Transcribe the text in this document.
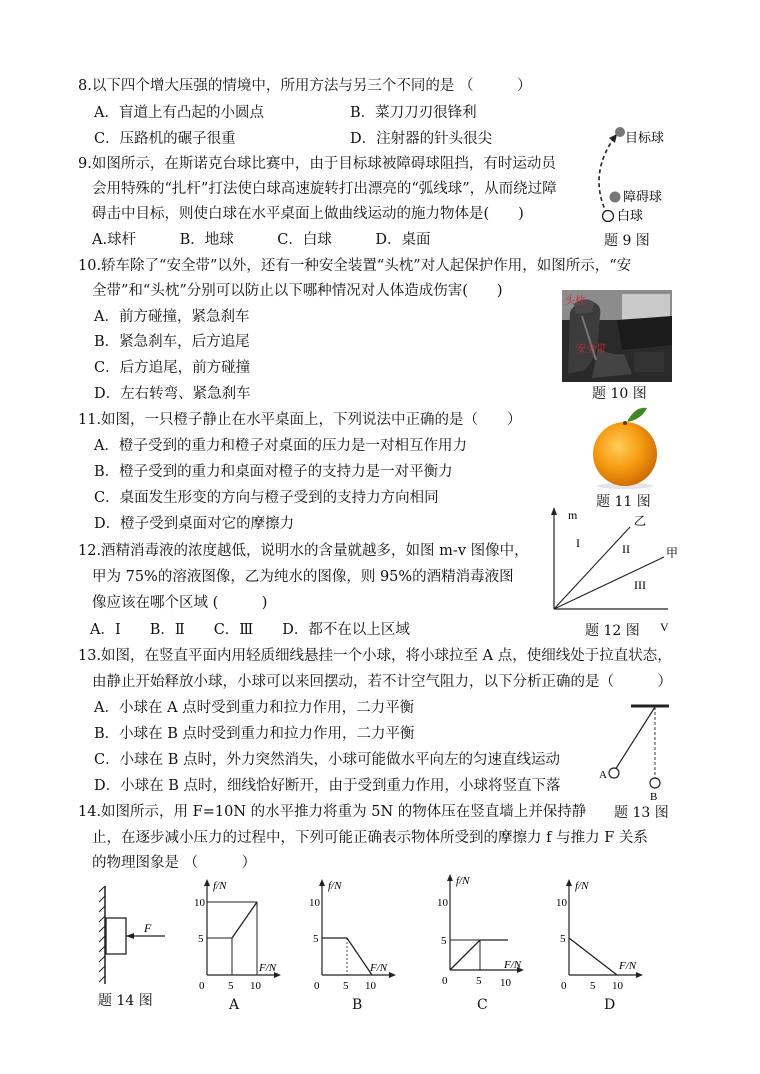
8.以下四个增大压强的情境中，所用方法与另三个不同的是 （　　　）
A．盲道上有凸起的小圆点	B．菜刀刀刃很锋利
C．压路机的碾子很重	D．注射器的针头很尖	目标球
障碍球
白球
9.如图所示，在斯诺克台球比赛中，由于目标球被障碍球阻挡，有时运动员
会用特殊的“扎杆”打法使白球高速旋转打出漂亮的“弧线球”，从而绕过障
碍击中目标，则使白球在水平桌面上做曲线运动的施力物体是(　　)
A.球杆　　　B．地球　　　C．白球　　　D．桌面	题 9 图
10.轿车除了“安全带”以外，还有一种安全装置“头枕”对人起保护作用，如图所示，“安
全带”和“头枕”分别可以防止以下哪种情况对人体造成伤害(　　)
A．前方碰撞，紧急刹车
B．紧急刹车，后方追尾
C．后方追尾，前方碰撞
D．左右转弯、紧急刹车
头枕
安全带
题 10 图
11.如图，一只橙子静止在水平桌面上，下列说法中正确的是（　　）
A．橙子受到的重力和橙子对桌面的压力是一对相互作用力
B．橙子受到的重力和桌面对橙子的支持力是一对平衡力
C．桌面发生形变的方向与橙子受到的支持力方向相同
D．橙子受到桌面对它的摩擦力
题 11 图
m
V
乙
甲
I	II
III
12.酒精消毒液的浓度越低，说明水的含量就越多，如图 m-v 图像中，
甲为 75%的溶液图像，乙为纯水的图像，则 95%的酒精消毒液图
像应该在哪个区域 (　　　)
A．Ⅰ　　B．Ⅱ　　C．Ⅲ　　D．都不在以上区域	题 12 图
13.如图，在竖直平面内用轻质细线悬挂一个小球，将小球拉至 A 点，使细线处于拉直状态，
由静止开始释放小球，小球可以来回摆动，若不计空气阻力，以下分析正确的是（　　　）
A．小球在 A 点时受到重力和拉力作用，二力平衡
B．小球在 B 点时受到重力和拉力作用，二力平衡
C．小球在 B 点时，外力突然消失，小球可能做水平向左的匀速直线运动
D．小球在 B 点时，细线恰好断开，由于受到重力作用，小球将竖直下落
A
B
14.如图所示，用 F=10N 的水平推力将重为 5N 的物体压在竖直墙上并保持静 题 13 图
止，在逐步减小压力的过程中，下列可能正确表示物体所受到的摩擦力 f 与推力 F 关系
的物理图象是 （　　　）
F
题 14 图
f/N
F/N
10
5
0 5 10
A
f/N
F/N
10
5
0 5 10
B
f/N
F/N
10
5
0	5 10
C
f/N
F/N
10
5
0 5 10
D
